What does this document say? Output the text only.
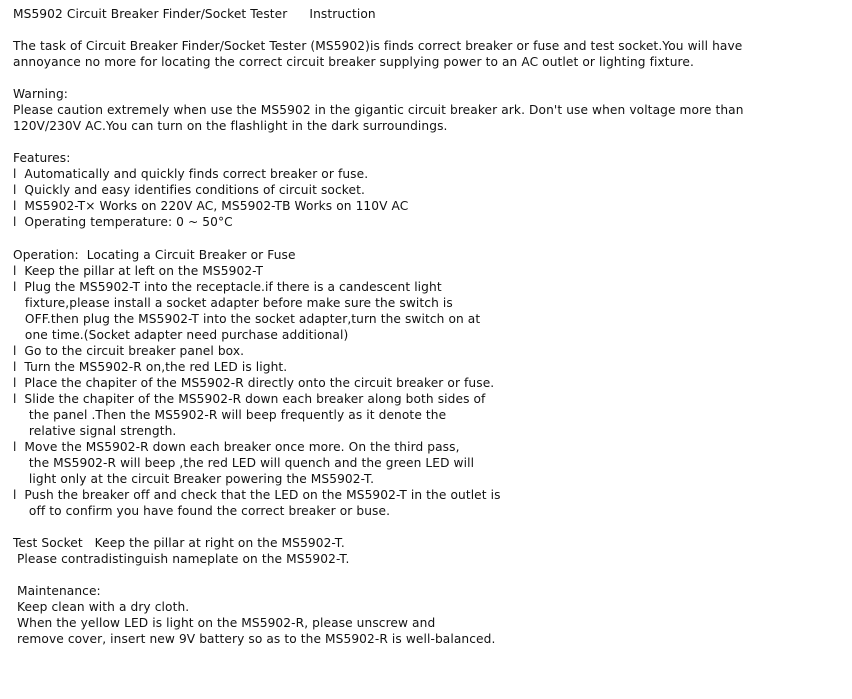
MS5902 Circuit Breaker Finder/Socket Tester Instruction
The task of Circuit Breaker Finder/Socket Tester (MS5902)is finds correct breaker or fuse and test socket.You will have
annoyance no more for locating the correct circuit breaker supplying power to an AC outlet or lighting fixture.
Warning:
Please caution extremely when use the MS5902 in the gigantic circuit breaker ark. Don't use when voltage more than
120V/230V AC.You can turn on the flashlight in the dark surroundings.
Features:
l  Automatically and quickly finds correct breaker or fuse.
l  Quickly and easy identifies conditions of circuit socket.
l  MS5902-T× Works on 220V AC, MS5902-TB Works on 110V AC
l  Operating temperature: 0 ~ 50°C
Operation:  Locating a Circuit Breaker or Fuse
l  Keep the pillar at left on the MS5902-T
l  Plug the MS5902-T into the receptacle.if there is a candescent light
fixture,please install a socket adapter before make sure the switch is
OFF.then plug the MS5902-T into the socket adapter,turn the switch on at
one time.(Socket adapter need purchase additional)
l  Go to the circuit breaker panel box.
l  Turn the MS5902-R on,the red LED is light.
l  Place the chapiter of the MS5902-R directly onto the circuit breaker or fuse.
l  Slide the chapiter of the MS5902-R down each breaker along both sides of
the panel .Then the MS5902-R will beep frequently as it denote the
relative signal strength.
l  Move the MS5902-R down each breaker once more. On the third pass,
the MS5902-R will beep ,the red LED will quench and the green LED will
light only at the circuit Breaker powering the MS5902-T.
l  Push the breaker off and check that the LED on the MS5902-T in the outlet is
off to confirm you have found the correct breaker or buse.
Test Socket   Keep the pillar at right on the MS5902-T.
Please contradistinguish nameplate on the MS5902-T.
Maintenance:
Keep clean with a dry cloth.
When the yellow LED is light on the MS5902-R, please unscrew and
remove cover, insert new 9V battery so as to the MS5902-R is well-balanced.
